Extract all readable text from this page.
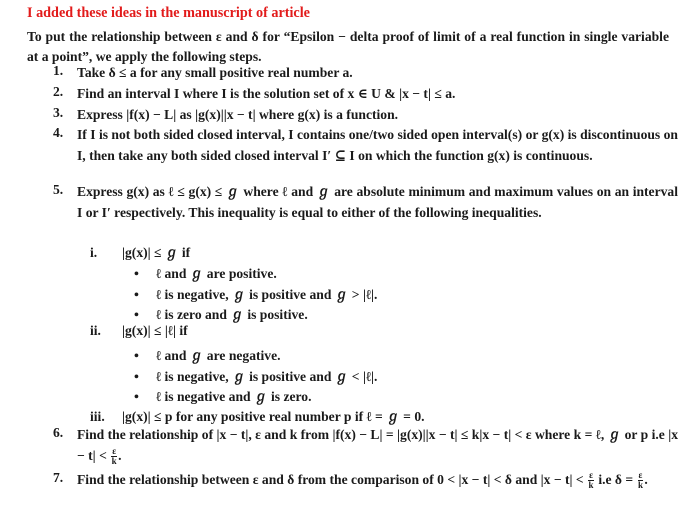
I added these ideas in the manuscript of article
To put the relationship between ε and δ for “Epsilon − delta proof of limit of a real function in single variable at a point”, we apply the following steps.
1.	Take δ ≤ a for any small positive real number a.
2.	Find an interval I where I is the solution set of x ∈ U & |x − t| ≤ a.
3.	Express |f(x) − L| as |g(x)||x − t| where g(x) is a function.
4.	If I is not both sided closed interval, I contains one/two sided open interval(s) or g(x) is discontinuous on I, then take any both sided closed interval I′ ⊆ I on which the function g(x) is continuous.
5.	Express g(x) as ℓ ≤ g(x) ≤ ℊ where ℓ and ℊ are absolute minimum and maximum values on an interval I or I′ respectively. This inequality is equal to either of the following inequalities.
i. |g(x)| ≤ ℊ if
• ℓ and ℊ are positive.
• ℓ is negative, ℊ is positive and ℊ > |ℓ|.
• ℓ is zero and ℊ is positive.
ii. |g(x)| ≤ |ℓ| if
• ℓ and ℊ are negative.
• ℓ is negative, ℊ is positive and ℊ < |ℓ|.
• ℓ is negative and ℊ is zero.
iii. |g(x)| ≤ p for any positive real number p if ℓ = ℊ = 0.
6.	Find the relationship of |x − t|, ε and k from |f(x) − L| = |g(x)||x − t| ≤ k|x − t| < ε where k = ℓ, ℊ or p i.e $|x - t| < \frac{\varepsilon}{k}$ .
7.	Find the relationship between ε and δ from the comparison of 0 < |x − t| < δ and $|x - t| < \frac{\varepsilon}{k} i.e$ $\delta = \frac{\varepsilon}{k}$ .
